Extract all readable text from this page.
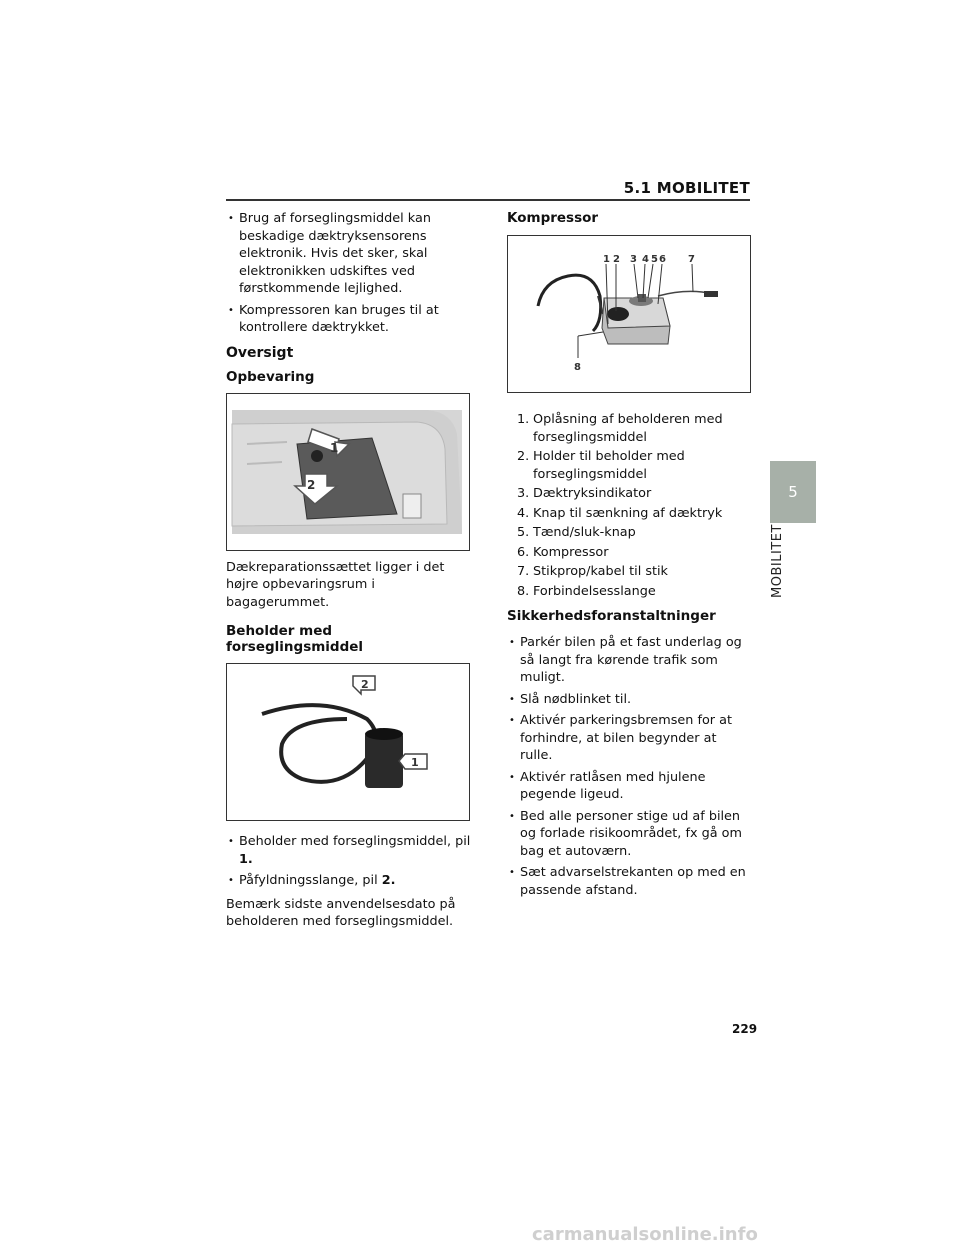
5.1 MOBILITET
• Brug af forseglingsmiddel kan beskadige dæktryksensorens elektronik. Hvis det sker, skal elektronikken udskiftes ved førstkommende lejlighed.
• Kompressoren kan bruges til at kontrollere dæktrykket.
Oversigt
Opbevaring
1
2

Dækreparationssættet ligger i det højre opbevaringsrum i bagagerummet.

Beholder med forseglingsmiddel
2
1
• Beholder med forseglingsmiddel, pil 1.
• Påfyldningsslange, pil 2.

Bemærk sidste anvendelsesdato på beholderen med forseglingsmiddel.

Kompressor
1 2 3 4 5 6 7
8
1. Oplåsning af beholderen med forseglingsmiddel
2. Holder til beholder med forseglingsmiddel
3. Dæktryksindikator
4. Knap til sænkning af dæktryk
5. Tænd/sluk-knap
6. Kompressor
7. Stikprop/kabel til stik
8. Forbindelsesslange
Sikkerhedsforanstaltninger
• Parkér bilen på et fast underlag og så langt fra kørende trafik som muligt.
• Slå nødblinket til.
• Aktivér parkeringsbremsen for at forhindre, at bilen begynder at rulle.
• Aktivér ratlåsen med hjulene pegende ligeud.
• Bed alle personer stige ud af bilen og forlade risikoområdet, fx gå om bag et autoværn.
• Sæt advarselstrekanten op med en passende afstand.
5
MOBILITET
229
carmanualsonline.info
